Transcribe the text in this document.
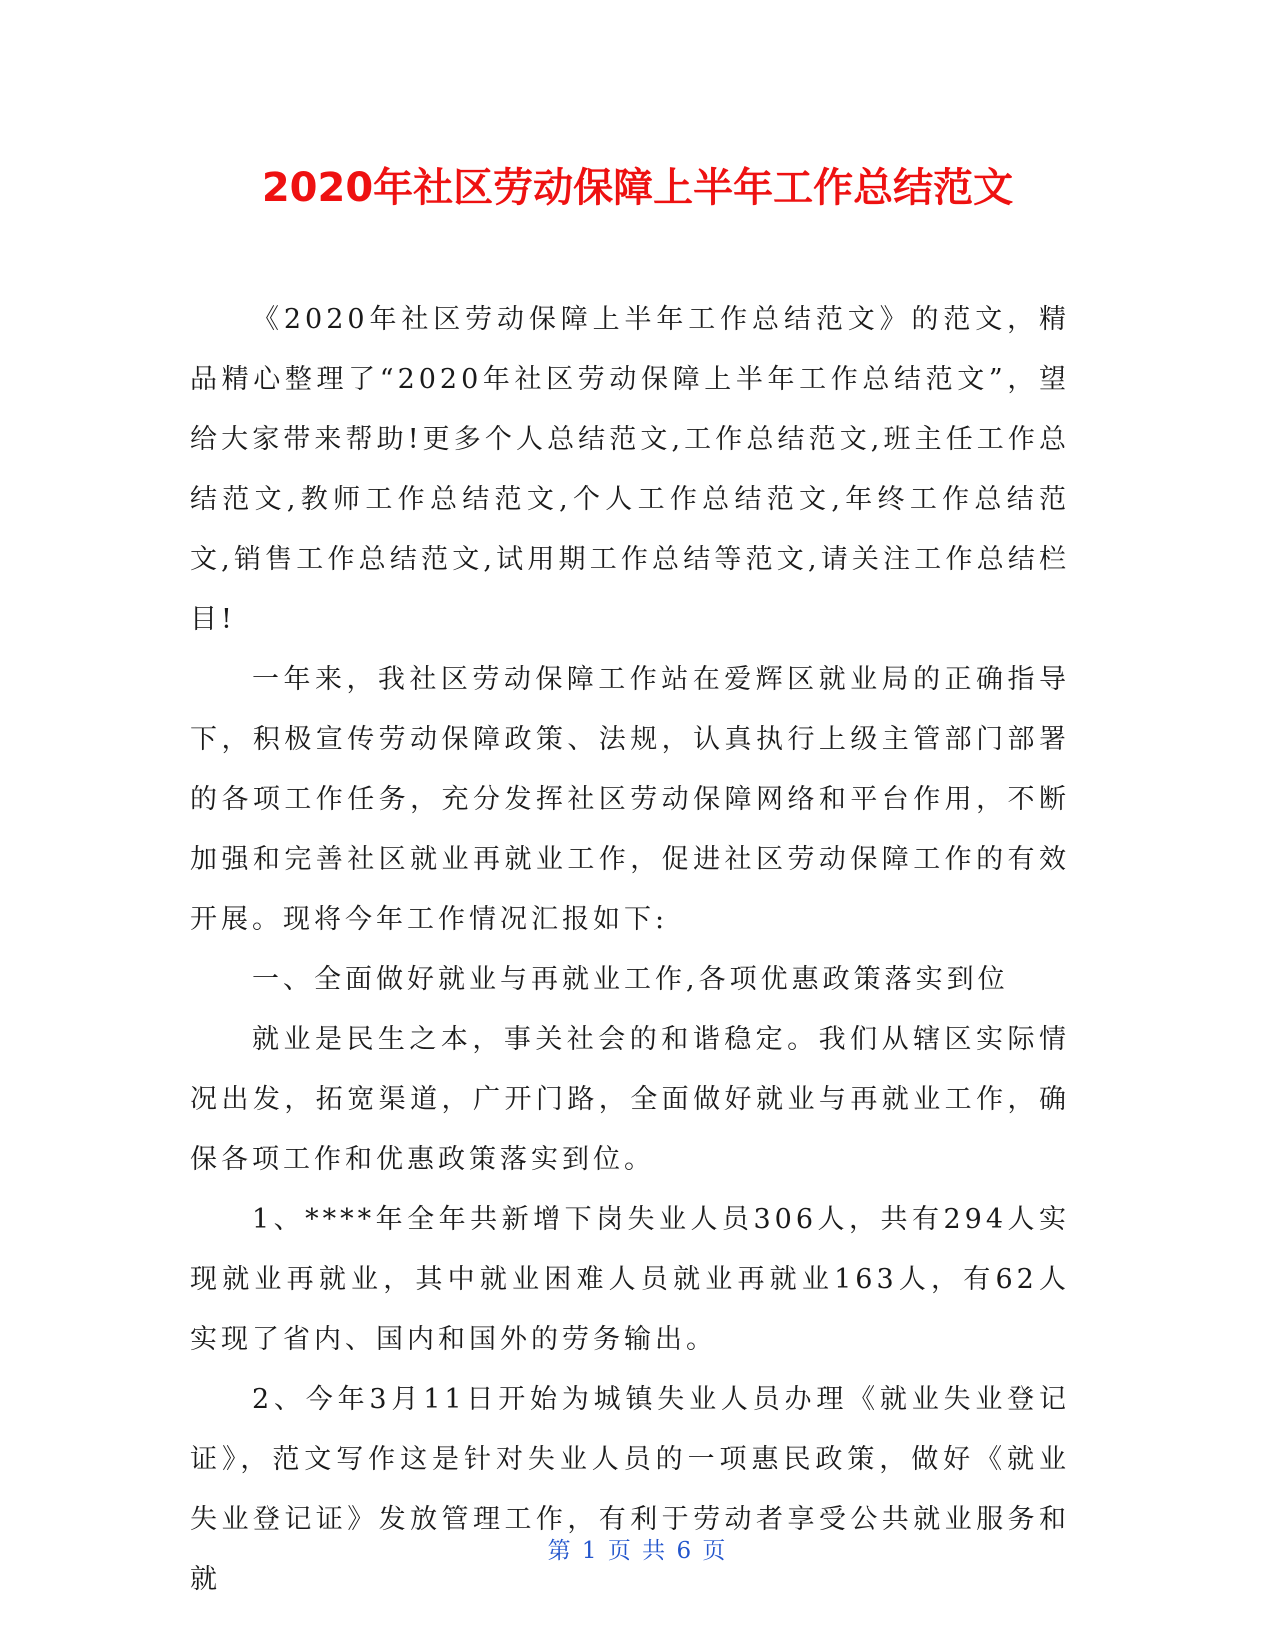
2020年社区劳动保障上半年工作总结范文

《2020年社区劳动保障上半年工作总结范文》的范文，精品精心整理了“2020年社区劳动保障上半年工作总结范文”，望给大家带来帮助!更多个人总结范文,工作总结范文,班主任工作总结范文,教师工作总结范文,个人工作总结范文,年终工作总结范文,销售工作总结范文,试用期工作总结等范文,请关注工作总结栏目!

一年来，我社区劳动保障工作站在爱辉区就业局的正确指导下，积极宣传劳动保障政策、法规，认真执行上级主管部门部署的各项工作任务，充分发挥社区劳动保障网络和平台作用，不断加强和完善社区就业再就业工作，促进社区劳动保障工作的有效开展。现将今年工作情况汇报如下:

一、全面做好就业与再就业工作,各项优惠政策落实到位

就业是民生之本，事关社会的和谐稳定。我们从辖区实际情况出发，拓宽渠道，广开门路，全面做好就业与再就业工作，确保各项工作和优惠政策落实到位。

1、****年全年共新增下岗失业人员306人，共有294人实现就业再就业，其中就业困难人员就业再就业163人，有62人实现了省内、国内和国外的劳务输出。

2、今年3月11日开始为城镇失业人员办理《就业失业登记证》，范文写作这是针对失业人员的一项惠民政策，做好《就业失业登记证》发放管理工作，有利于劳动者享受公共就业服务和就

第 1 页 共 6 页
